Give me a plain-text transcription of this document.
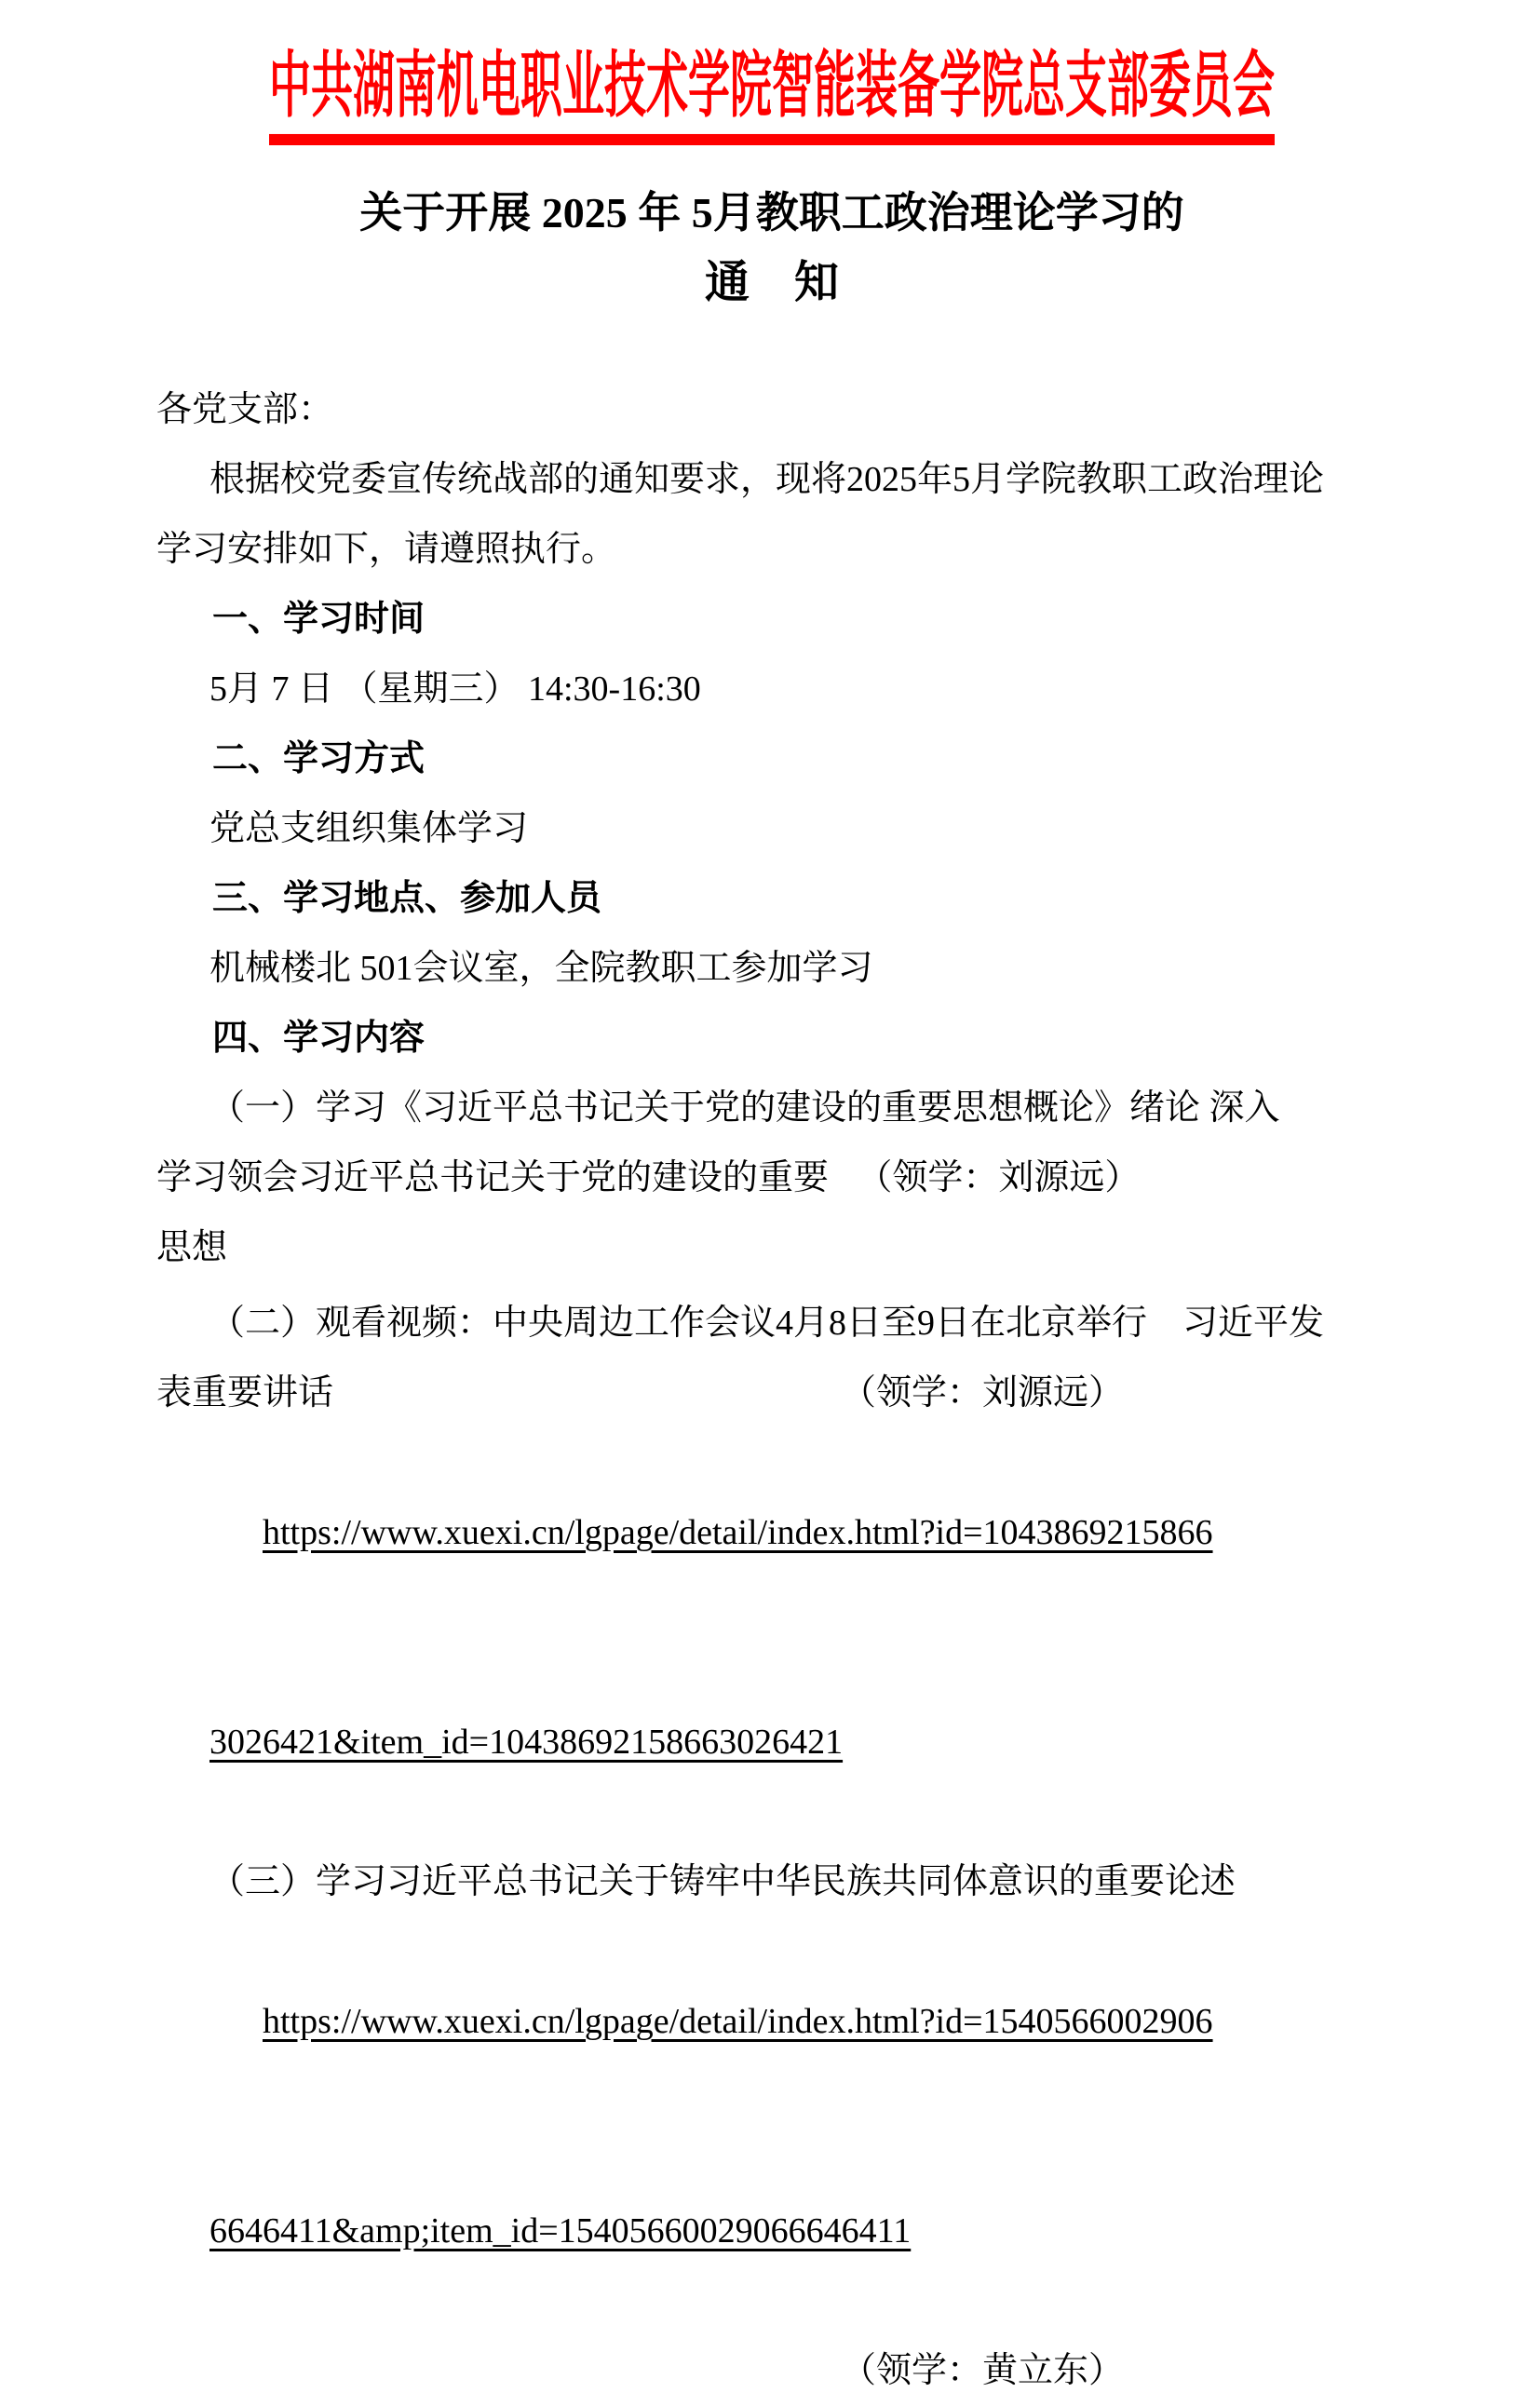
中共湖南机电职业技术学院智能装备学院总支部委员会
关于开展 2025 年 5月教职工政治理论学习的
通　知
各党支部：
根据校党委宣传统战部的通知要求，现将2025年5月学院教职工政治理论
学习安排如下，请遵照执行。
一、学习时间
5月 7 日 （星期三） 14:30-16:30
二、学习方式
党总支组织集体学习
三、学习地点、参加人员
机械楼北 501会议室，全院教职工参加学习
四、学习内容
（一）学习《习近平总书记关于党的建设的重要思想概论》绪论 深入
学习领会习近平总书记关于党的建设的重要思想
（领学：刘源远）
（二）观看视频：中央周边工作会议4月8日至9日在北京举行　习近平发
表重要讲话	（领学：刘源远）

https://www.xuexi.cn/lgpage/detail/index.html?id=1043869215866

3026421&item_id=10438692158663026421

（三）学习习近平总书记关于铸牢中华民族共同体意识的重要论述

https://www.xuexi.cn/lgpage/detail/index.html?id=1540566002906

6646411&amp;item_id=15405660029066646411

（领学：黄立东）
